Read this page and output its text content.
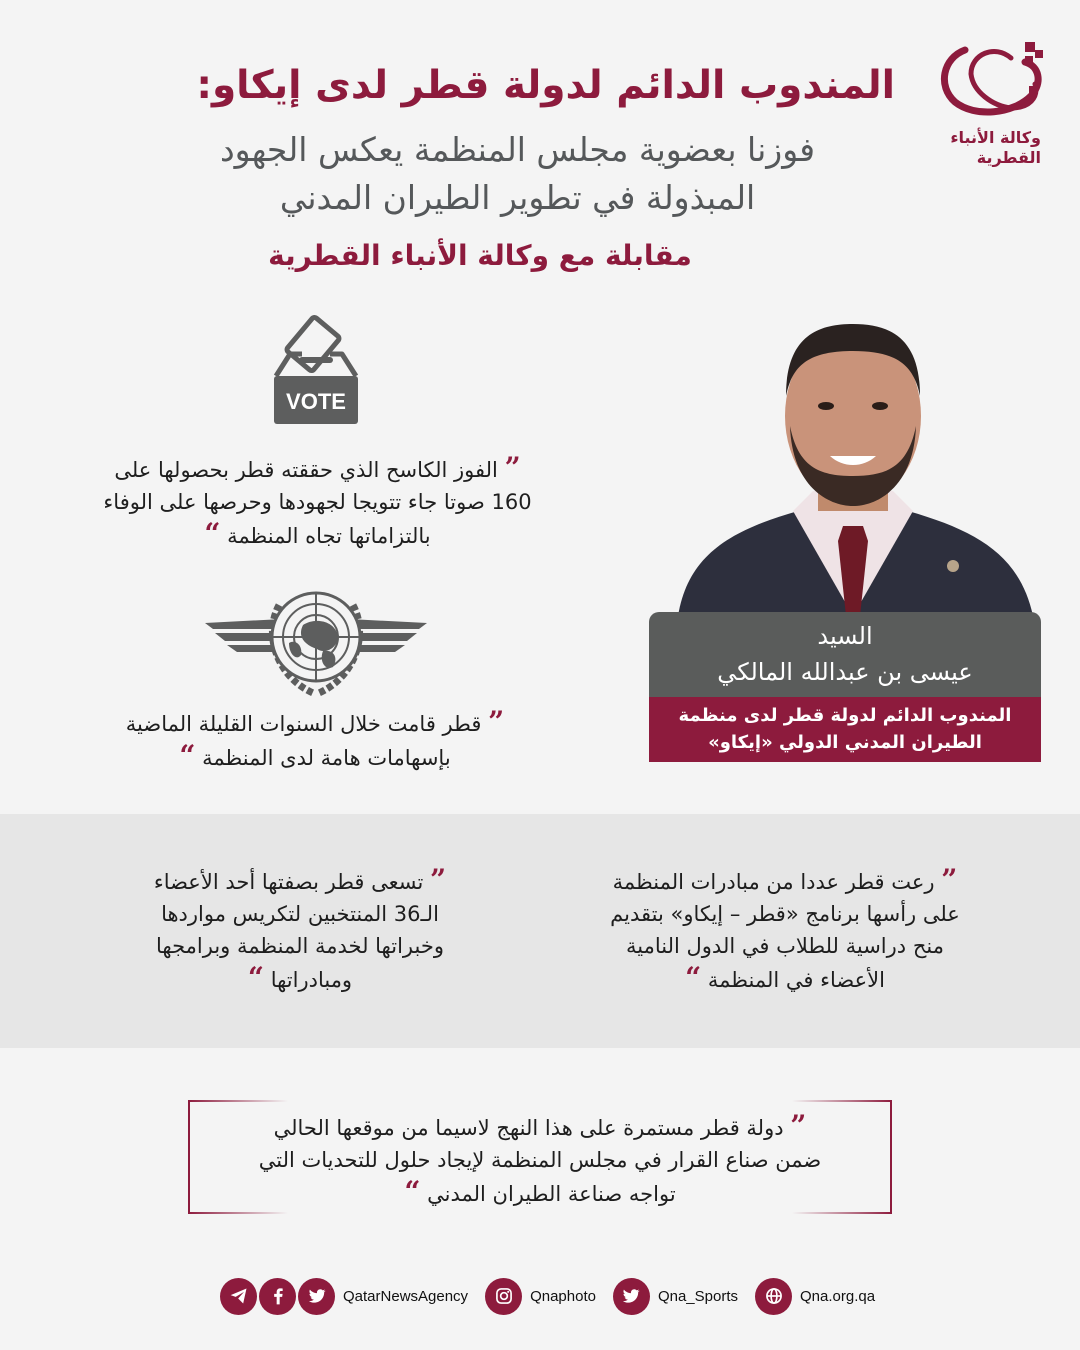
وكالة الأنباء
القطرية
المندوب الدائم لدولة قطر لدى إيكاو:
فوزنا بعضوية مجلس المنظمة يعكس الجهود
المبذولة في تطوير الطيران المدني
مقابلة مع وكالة الأنباء القطرية
VOTE
” الفوز الكاسح الذي حققته قطر بحصولها على
160 صوتا جاء تتويجا لجهودها وحرصها على الوفاء
بالتزاماتها تجاه المنظمة “
” قطر قامت خلال السنوات القليلة الماضية
بإسهامات هامة لدى المنظمة “
السيد
عيسى بن عبدالله المالكي
المندوب الدائم لدولة قطر لدى منظمة
الطيران المدني الدولي «إيكاو»
” رعت قطر عددا من مبادرات المنظمة
على رأسها برنامج «قطر – إيكاو» بتقديم
منح دراسية للطلاب في الدول النامية
الأعضاء في المنظمة “
” تسعى قطر بصفتها أحد الأعضاء
الـ36 المنتخبين لتكريس مواردها
وخبراتها لخدمة المنظمة وبرامجها
ومبادراتها “
” دولة قطر مستمرة على هذا النهج لاسيما من موقعها الحالي
ضمن صناع القرار في مجلس المنظمة لإيجاد حلول للتحديات التي
تواجه صناعة الطيران المدني “
QatarNewsAgency	Qnaphoto	Qna_Sports	Qna.org.qa
